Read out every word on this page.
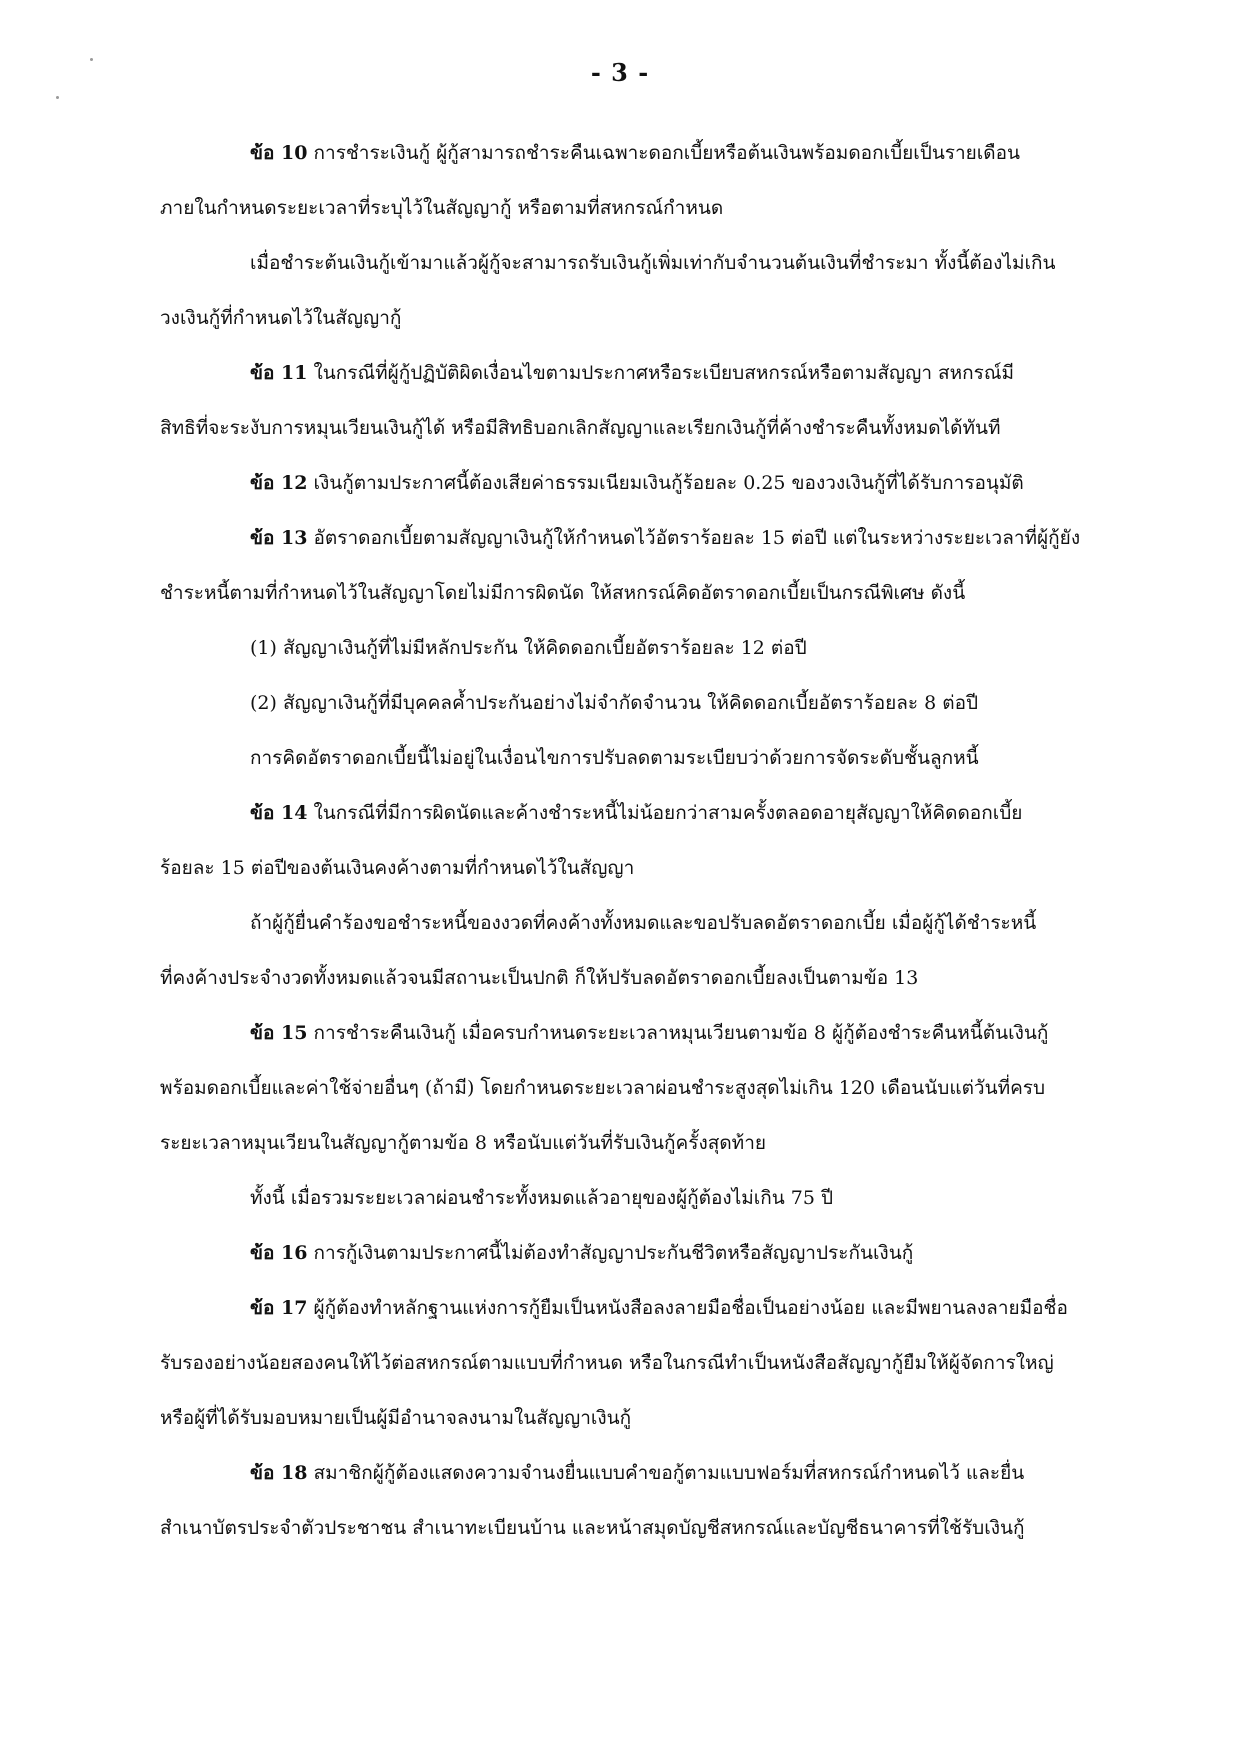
- 3 -

ข้อ 10 การชำระเงินกู้ ผู้กู้สามารถชำระคืนเฉพาะดอกเบี้ยหรือต้นเงินพร้อมดอกเบี้ยเป็นรายเดือน

ภายในกำหนดระยะเวลาที่ระบุไว้ในสัญญากู้ หรือตามที่สหกรณ์กำหนด

เมื่อชำระต้นเงินกู้เข้ามาแล้วผู้กู้จะสามารถรับเงินกู้เพิ่มเท่ากับจำนวนต้นเงินที่ชำระมา ทั้งนี้ต้องไม่เกิน

วงเงินกู้ที่กำหนดไว้ในสัญญากู้

ข้อ 11 ในกรณีที่ผู้กู้ปฏิบัติผิดเงื่อนไขตามประกาศหรือระเบียบสหกรณ์หรือตามสัญญา สหกรณ์มี

สิทธิที่จะระงับการหมุนเวียนเงินกู้ได้ หรือมีสิทธิบอกเลิกสัญญาและเรียกเงินกู้ที่ค้างชำระคืนทั้งหมดได้ทันที

ข้อ 12 เงินกู้ตามประกาศนี้ต้องเสียค่าธรรมเนียมเงินกู้ร้อยละ 0.25 ของวงเงินกู้ที่ได้รับการอนุมัติ

ข้อ 13 อัตราดอกเบี้ยตามสัญญาเงินกู้ให้กำหนดไว้อัตราร้อยละ 15 ต่อปี แต่ในระหว่างระยะเวลาที่ผู้กู้ยัง

ชำระหนี้ตามที่กำหนดไว้ในสัญญาโดยไม่มีการผิดนัด ให้สหกรณ์คิดอัตราดอกเบี้ยเป็นกรณีพิเศษ ดังนี้

(1) สัญญาเงินกู้ที่ไม่มีหลักประกัน ให้คิดดอกเบี้ยอัตราร้อยละ 12 ต่อปี

(2) สัญญาเงินกู้ที่มีบุคคลค้ำประกันอย่างไม่จำกัดจำนวน ให้คิดดอกเบี้ยอัตราร้อยละ 8 ต่อปี

การคิดอัตราดอกเบี้ยนี้ไม่อยู่ในเงื่อนไขการปรับลดตามระเบียบว่าด้วยการจัดระดับชั้นลูกหนี้

ข้อ 14 ในกรณีที่มีการผิดนัดและค้างชำระหนี้ไม่น้อยกว่าสามครั้งตลอดอายุสัญญาให้คิดดอกเบี้ย

ร้อยละ 15 ต่อปีของต้นเงินคงค้างตามที่กำหนดไว้ในสัญญา

ถ้าผู้กู้ยื่นคำร้องขอชำระหนี้ของงวดที่คงค้างทั้งหมดและขอปรับลดอัตราดอกเบี้ย เมื่อผู้กู้ได้ชำระหนี้

ที่คงค้างประจำงวดทั้งหมดแล้วจนมีสถานะเป็นปกติ ก็ให้ปรับลดอัตราดอกเบี้ยลงเป็นตามข้อ 13

ข้อ 15 การชำระคืนเงินกู้ เมื่อครบกำหนดระยะเวลาหมุนเวียนตามข้อ 8 ผู้กู้ต้องชำระคืนหนี้ต้นเงินกู้

พร้อมดอกเบี้ยและค่าใช้จ่ายอื่นๆ (ถ้ามี) โดยกำหนดระยะเวลาผ่อนชำระสูงสุดไม่เกิน 120 เดือนนับแต่วันที่ครบ

ระยะเวลาหมุนเวียนในสัญญากู้ตามข้อ 8 หรือนับแต่วันที่รับเงินกู้ครั้งสุดท้าย

ทั้งนี้ เมื่อรวมระยะเวลาผ่อนชำระทั้งหมดแล้วอายุของผู้กู้ต้องไม่เกิน 75 ปี

ข้อ 16 การกู้เงินตามประกาศนี้ไม่ต้องทำสัญญาประกันชีวิตหรือสัญญาประกันเงินกู้

ข้อ 17 ผู้กู้ต้องทำหลักฐานแห่งการกู้ยืมเป็นหนังสือลงลายมือชื่อเป็นอย่างน้อย และมีพยานลงลายมือชื่อ

รับรองอย่างน้อยสองคนให้ไว้ต่อสหกรณ์ตามแบบที่กำหนด หรือในกรณีทำเป็นหนังสือสัญญากู้ยืมให้ผู้จัดการใหญ่

หรือผู้ที่ได้รับมอบหมายเป็นผู้มีอำนาจลงนามในสัญญาเงินกู้

ข้อ 18 สมาชิกผู้กู้ต้องแสดงความจำนงยื่นแบบคำขอกู้ตามแบบฟอร์มที่สหกรณ์กำหนดไว้ และยื่น

สำเนาบัตรประจำตัวประชาชน สำเนาทะเบียนบ้าน และหน้าสมุดบัญชีสหกรณ์และบัญชีธนาคารที่ใช้รับเงินกู้
